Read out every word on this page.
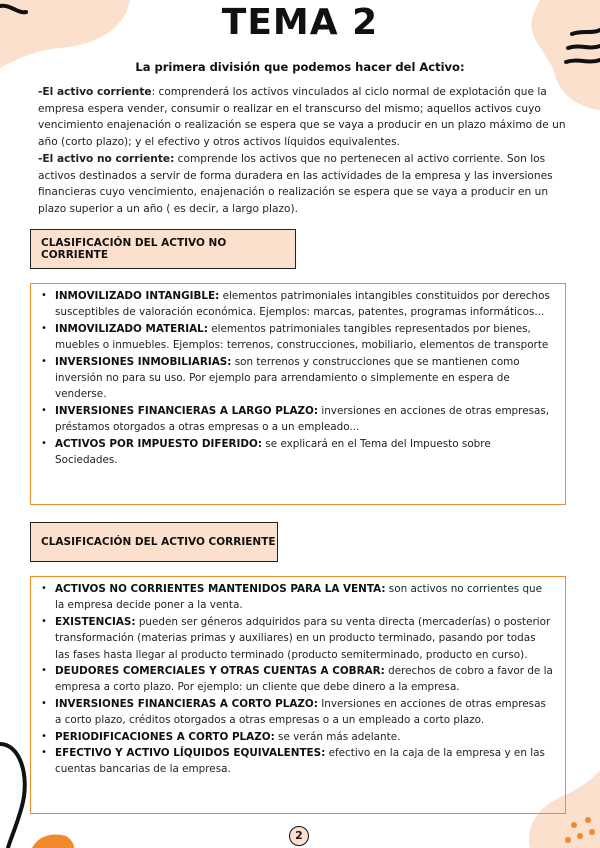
TEMA 2
La primera división que podemos hacer del Activo:
-El activo corriente: comprenderá los activos vinculados al ciclo normal de explotación que la empresa espera vender, consumir o realizar en el transcurso del mismo; aquellos activos cuyo vencimiento enajenación o realización se espera que se vaya a producir en un plazo máximo de un año (corto plazo); y el efectivo y otros activos líquidos equivalentes.
-El activo no corriente: comprende los activos que no pertenecen al activo corriente. Son los activos destinados a servir de forma duradera en las actividades de la empresa y las inversiones financieras cuyo vencimiento, enajenación o realización se espera que se vaya a producir en un plazo superior a un año ( es decir, a largo plazo).
CLASIFICACIÓN DEL ACTIVO NO CORRIENTE
• INMOVILIZADO INTANGIBLE: elementos patrimoniales intangibles constituidos por derechos susceptibles de valoración económica. Ejemplos: marcas, patentes, programas informáticos...
• INMOVILIZADO MATERIAL: elementos patrimoniales tangibles representados por bienes, muebles o inmuebles. Ejemplos: terrenos, construcciones, mobiliario, elementos de transporte
• INVERSIONES INMOBILIARIAS: son terrenos y construcciones que se mantienen como inversión no para su uso. Por ejemplo para arrendamiento o simplemente en espera de venderse.
• INVERSIONES FINANCIERAS A LARGO PLAZO: inversiones en acciones de otras empresas, préstamos otorgados a otras empresas o a un empleado...
• ACTIVOS POR IMPUESTO DIFERIDO: se explicará en el Tema del Impuesto sobre Sociedades.
CLASIFICACIÓN DEL ACTIVO CORRIENTE
• ACTIVOS NO CORRIENTES MANTENIDOS PARA LA VENTA: son activos no corrientes que la empresa decide poner a la venta.
• EXISTENCIAS: pueden ser géneros adquiridos para su venta directa (mercaderías) o posterior transformación (materias primas y auxiliares) en un producto terminado, pasando por todas las fases hasta llegar al producto terminado (producto semiterminado, producto en curso).
• DEUDORES COMERCIALES Y OTRAS CUENTAS A COBRAR: derechos de cobro a favor de la empresa a corto plazo. Por ejemplo: un cliente que debe dinero a la empresa.
• INVERSIONES FINANCIERAS A CORTO PLAZO: Inversiones en acciones de otras empresas a corto plazo, créditos otorgados a otras empresas o a un empleado a corto plazo.
• PERIODIFICACIONES A CORTO PLAZO: se verán más adelante.
• EFECTIVO Y ACTIVO LÍQUIDOS EQUIVALENTES: efectivo en la caja de la empresa y en las cuentas bancarias de la empresa.
2
